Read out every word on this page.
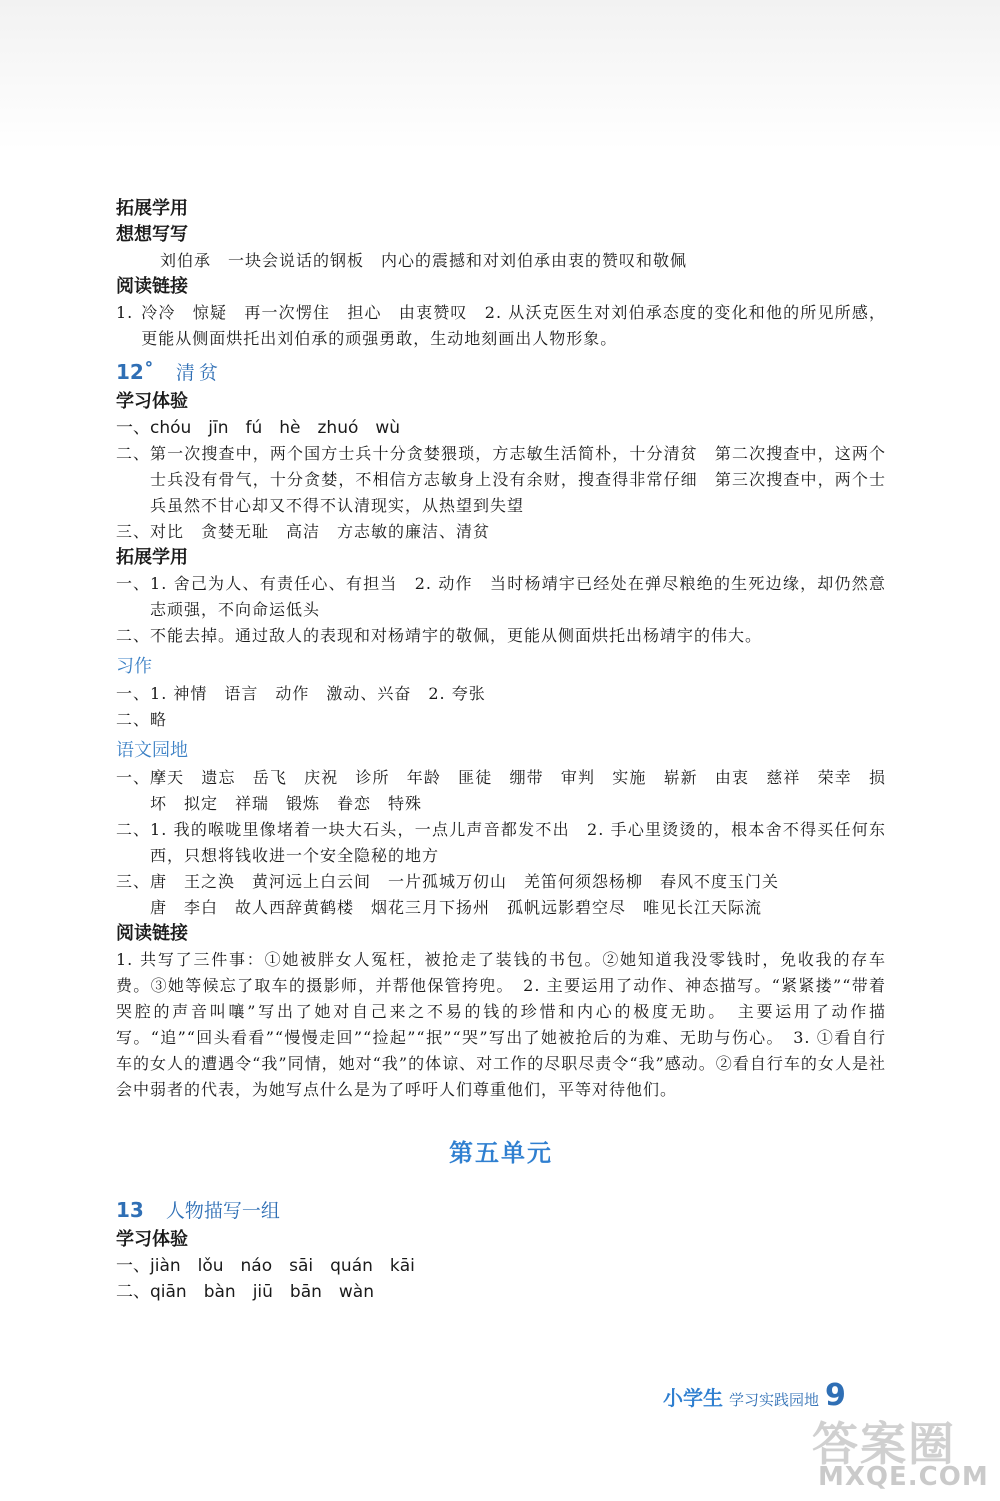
拓展学用
想想写写
刘伯承　一块会说话的钢板　内心的震撼和对刘伯承由衷的赞叹和敬佩
阅读链接
1. 冷冷　惊疑　再一次愣住　担心　由衷赞叹　2. 从沃克医生对刘伯承态度的变化和他的所见所感，更能从侧面烘托出刘伯承的顽强勇敢，生动地刻画出人物形象。
12˚ 清贫
学习体验
一、 chóu　jīn　fú　hè　zhuó　wù
二、 第一次搜查中，两个国方士兵十分贪婪猥琐，方志敏生活简朴，十分清贫　第二次搜查中，这两个士兵没有骨气，十分贪婪，不相信方志敏身上没有余财，搜查得非常仔细　第三次搜查中，两个士兵虽然不甘心却又不得不认清现实，从热望到失望
三、 对比　贪婪无耻　高洁　方志敏的廉洁、清贫
拓展学用
一、 1. 舍己为人、有责任心、有担当　2. 动作　当时杨靖宇已经处在弹尽粮绝的生死边缘，却仍然意志顽强，不向命运低头
二、 不能去掉。通过敌人的表现和对杨靖宇的敬佩，更能从侧面烘托出杨靖宇的伟大。
习作
一、 1. 神情　语言　动作　激动、兴奋　2. 夸张
二、 略
语文园地
一、 摩天　遗忘　岳飞　庆祝　诊所　年龄　匪徒　绷带　审判　实施　崭新　由衷　慈祥　荣幸　损坏　拟定　祥瑞　锻炼　眷恋　特殊
二、 1. 我的喉咙里像堵着一块大石头，一点儿声音都发不出　2. 手心里烫烫的，根本舍不得买任何东西，只想将钱收进一个安全隐秘的地方
三、 唐　王之涣　黄河远上白云间　一片孤城万仞山　羌笛何须怨杨柳　春风不度玉门关
唐　李白　故人西辞黄鹤楼　烟花三月下扬州　孤帆远影碧空尽　唯见长江天际流
阅读链接
1. 共写了三件事：①她被胖女人冤枉，被抢走了装钱的书包。②她知道我没零钱时，免收我的存车费。③她等候忘了取车的摄影师，并帮他保管挎兜。　2. 主要运用了动作、神态描写。“紧紧搂”“带着哭腔的声音叫嚷”写出了她对自己来之不易的钱的珍惜和内心的极度无助。　主要运用了动作描写。“追”“回头看看”“慢慢走回”“捡起”“抿”“哭”写出了她被抢后的为难、无助与伤心。　3. ①看自行车的女人的遭遇令“我”同情，她对“我”的体谅、对工作的尽职尽责令“我”感动。②看自行车的女人是社会中弱者的代表，为她写点什么是为了呼吁人们尊重他们，平等对待他们。
第五单元
13 人物描写一组
学习体验
一、 jiàn　lǒu　náo　sāi　quán　kāi
二、 qiān　bàn　jiū　bān　wàn
小学生 学习实践园地 9
答案圈
MXQE.COM
